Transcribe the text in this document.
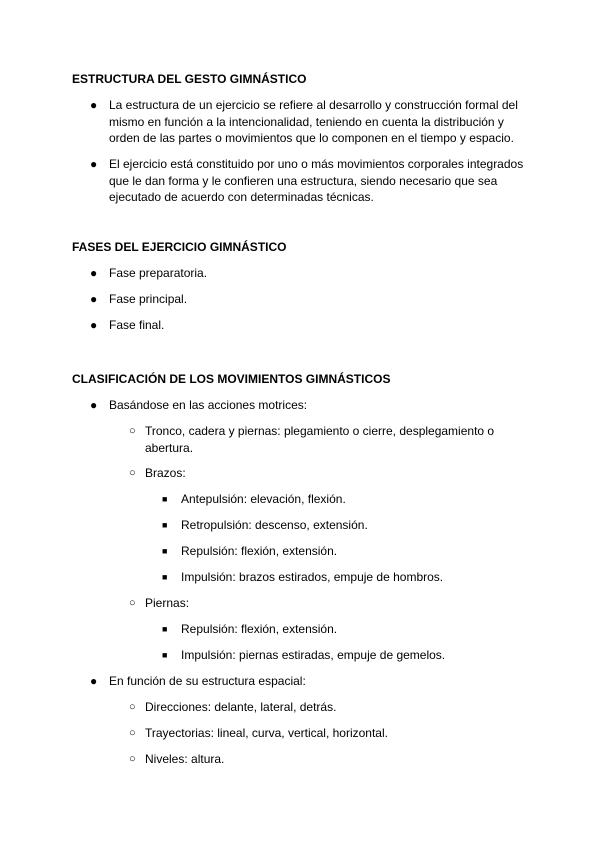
ESTRUCTURA DEL GESTO GIMNÁSTICO
● La estructura de un ejercicio se refiere al desarrollo y construcción formal del mismo en función a la intencionalidad, teniendo en cuenta la distribución y orden de las partes o movimientos que lo componen en el tiempo y espacio.
● El ejercicio está constituido por uno o más movimientos corporales integrados que le dan forma y le confieren una estructura, siendo necesario que sea ejecutado de acuerdo con determinadas técnicas.
FASES DEL EJERCICIO GIMNÁSTICO
● Fase preparatoria.
● Fase principal.
● Fase final.
CLASIFICACIÓN DE LOS MOVIMIENTOS GIMNÁSTICOS
● Basándose en las acciones motrices:
○ Tronco, cadera y piernas: plegamiento o cierre, desplegamiento o abertura.
○ Brazos:
■ Antepulsión: elevación, flexión.
■ Retropulsión: descenso, extensión.
■ Repulsión: flexión, extensión.
■ Impulsión: brazos estirados, empuje de hombros.
○ Piernas:
■ Repulsión: flexión, extensión.
■ Impulsión: piernas estiradas, empuje de gemelos.
● En función de su estructura espacial:
○ Direcciones: delante, lateral, detrás.
○ Trayectorias: lineal, curva, vertical, horizontal.
○ Niveles: altura.
